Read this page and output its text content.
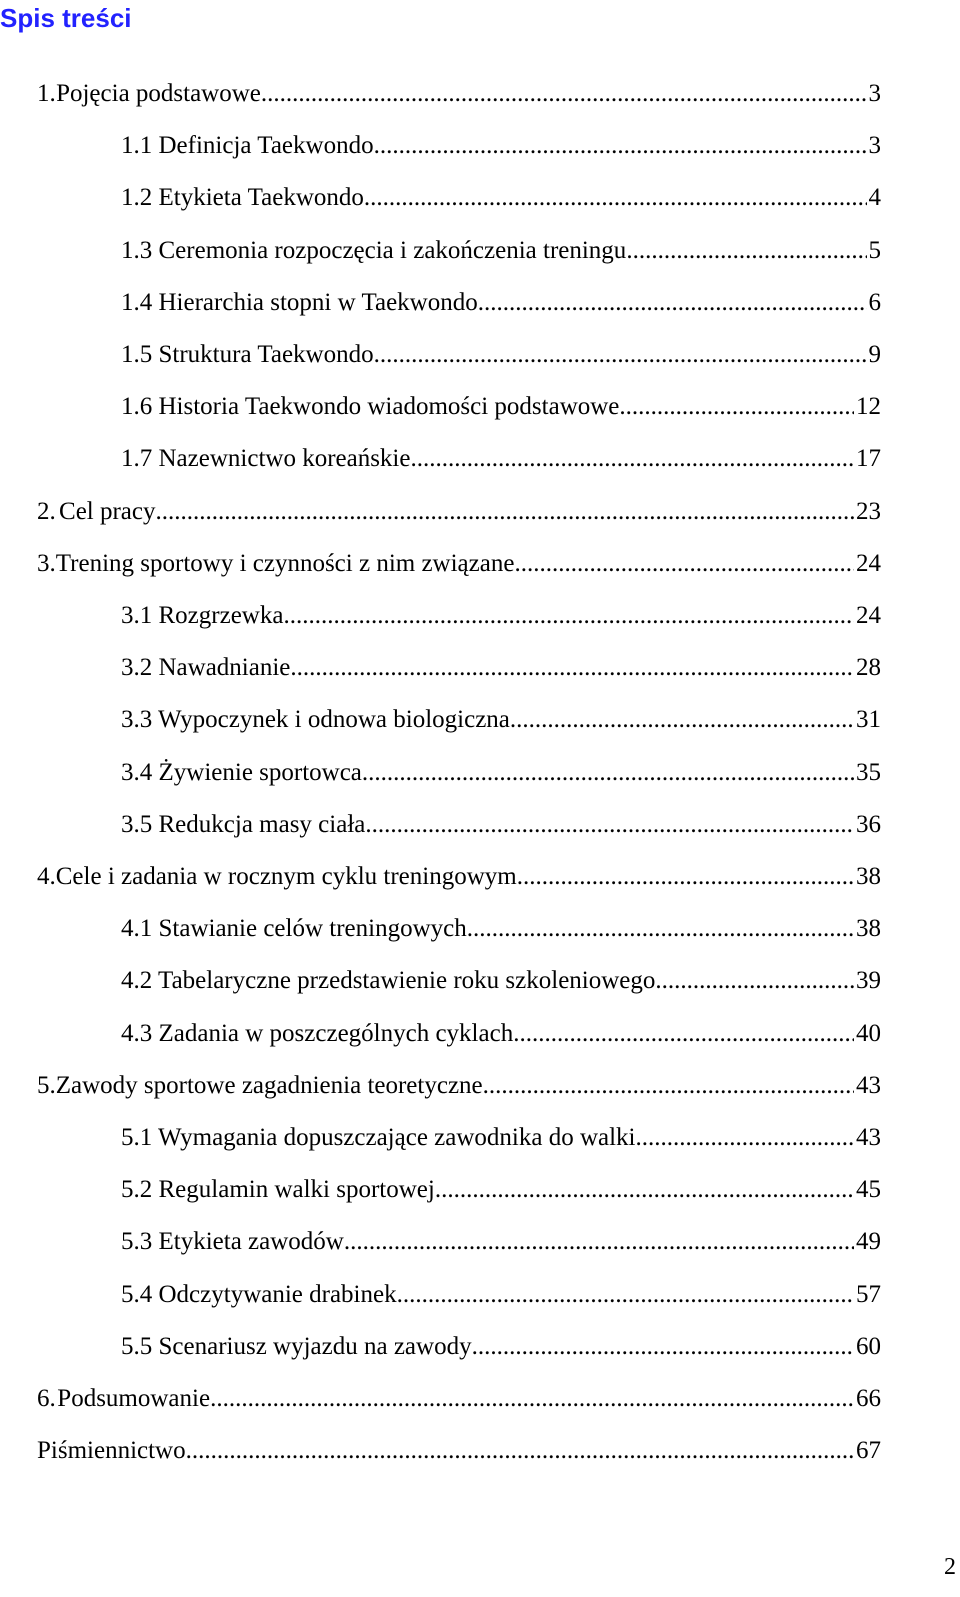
Spis treści
1. Pojęcia podstawowe .....	3
1.1 Definicja Taekwondo .....	3
1.2 Etykieta Taekwondo .....	4
1.3 Ceremonia rozpoczęcia i zakończenia treningu .....	5
1.4 Hierarchia stopni w Taekwondo .....	6
1.5 Struktura Taekwondo .....	9
1.6 Historia Taekwondo wiadomości podstawowe .....	12
1.7 Nazewnictwo koreańskie .....	17
2. Cel pracy .....	23
3. Trening sportowy i czynności z nim związane .....	24
3.1 Rozgrzewka .....	24
3.2 Nawadnianie .....	28
3.3 Wypoczynek i odnowa biologiczna .....	31
3.4 Żywienie sportowca .....	35
3.5 Redukcja masy ciała .....	36
4. Cele i zadania w rocznym cyklu treningowym .....	38
4.1 Stawianie celów treningowych .....	38
4.2 Tabelaryczne przedstawienie roku szkoleniowego .....	39
4.3 Zadania w poszczególnych cyklach .....	40
5. Zawody sportowe zagadnienia teoretyczne .....	43
5.1 Wymagania dopuszczające zawodnika do walki .....	43
5.2 Regulamin walki sportowej .....	45
5.3 Etykieta zawodów .....	49
5.4 Odczytywanie drabinek .....	57
5.5 Scenariusz wyjazdu na zawody .....	60
6. Podsumowanie .....	66
Piśmiennictwo .....	67
2
